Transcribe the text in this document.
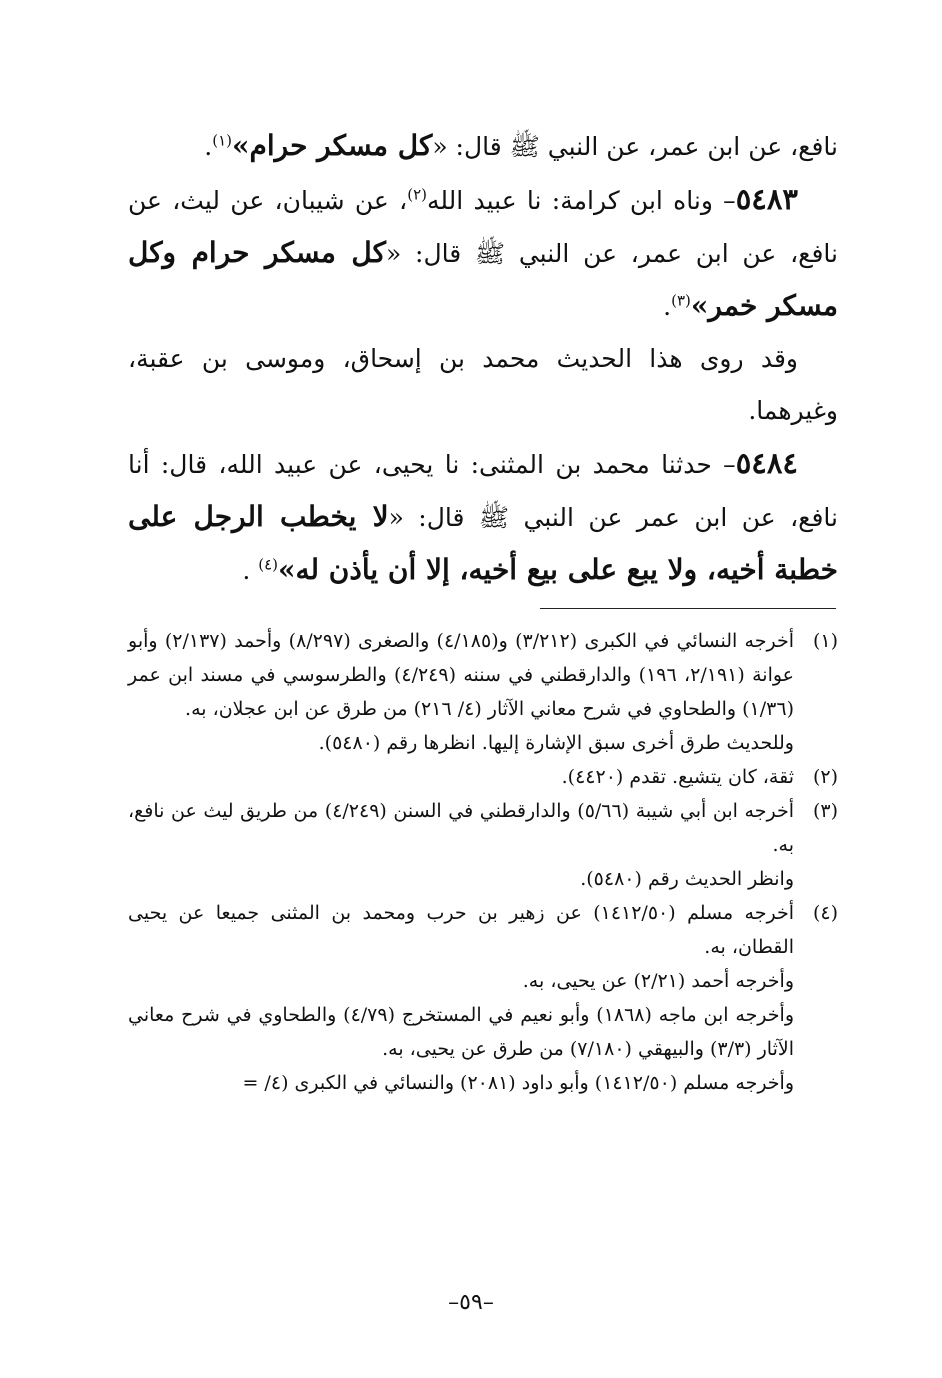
نافع، عن ابن عمر، عن النبي ﷺ قال: «كل مسكر حرام»$^{(١)}$.

٥٤٨٣– وناه ابن كرامة: نا عبيد الله$^{(٢)}$، عن شيبان، عن ليث، عن نافع، عن ابن عمر، عن النبي ﷺ قال: «كل مسكر حرام وكل مسكر خمر»$^{(٣)}$.

وقد روى هذا الحديث محمد بن إسحاق، وموسى بن عقبة، وغيرهما.

٥٤٨٤– حدثنا محمد بن المثنى: نا يحيى، عن عبيد الله، قال: أنا نافع، عن ابن عمر عن النبي ﷺ قال: «لا يخطب الرجل على خطبة أخيه، ولا يبع على بيع أخيه، إلا أن يأذن له»$^{(٤)}$ .

(١)
أخرجه النسائي في الكبرى (٣/٢١٢) و(٤/١٨٥) والصغرى (٨/٢٩٧) وأحمد (٢/١٣٧) وأبو عوانة (٢/١٩١، ١٩٦) والدارقطني في سننه (٤/٢٤٩) والطرسوسي في مسند ابن عمر (١/٣٦) والطحاوي في شرح معاني الآثار (٤/ ٢١٦) من طرق عن ابن عجلان، به.
وللحديث طرق أخرى سبق الإشارة إليها. انظرها رقم (٥٤٨٠).
(٢)
ثقة، كان يتشيع. تقدم (٤٤٢٠).
(٣)
أخرجه ابن أبي شيبة (٥/٦٦) والدارقطني في السنن (٤/٢٤٩) من طريق ليث عن نافع، به.
وانظر الحديث رقم (٥٤٨٠).
(٤)
أخرجه مسلم (١٤١٢/٥٠) عن زهير بن حرب ومحمد بن المثنى جميعا عن يحيى القطان، به.
وأخرجه أحمد (٢/٢١) عن يحيى، به.
وأخرجه ابن ماجه (١٨٦٨) وأبو نعيم في المستخرج (٤/٧٩) والطحاوي في شرح معاني الآثار (٣/٣) والبيهقي (٧/١٨٠) من طرق عن يحيى، به.
وأخرجه مسلم (١٤١٢/٥٠) وأبو داود (٢٠٨١) والنسائي في الكبرى (٤/ =
–٥٩–
